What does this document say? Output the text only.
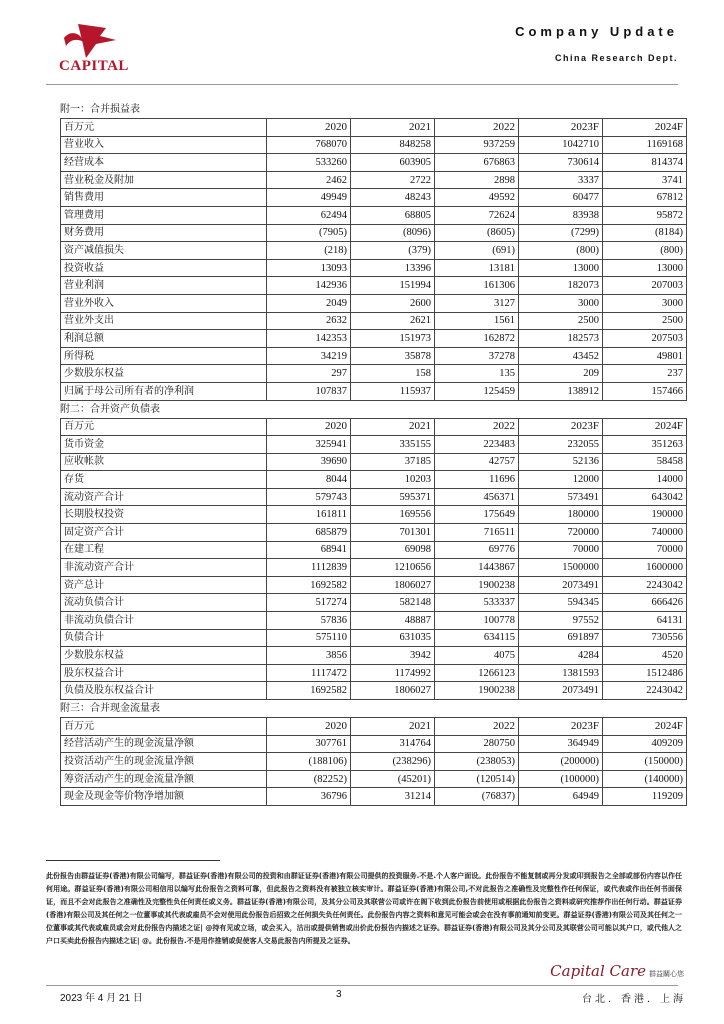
CAPITAL
Company Update
China Research Dept.
附一：合并损益表
百万元	2020	2021	2022	2023F	2024F
营业收入	768070	848258	937259	1042710	1169168
经营成本	533260	603905	676863	730614	814374
营业税金及附加	2462	2722	2898	3337	3741
销售费用	49949	48243	49592	60477	67812
管理费用	62494	68805	72624	83938	95872
财务费用	(7905)	(8096)	(8605)	(7299)	(8184)
资产减值损失	(218)	(379)	(691)	(800)	(800)
投资收益	13093	13396	13181	13000	13000
营业利润	142936	151994	161306	182073	207003
营业外收入	2049	2600	3127	3000	3000
营业外支出	2632	2621	1561	2500	2500
利润总额	142353	151973	162872	182573	207503
所得税	34219	35878	37278	43452	49801
少数股东权益	297	158	135	209	237
归属于母公司所有者的净利润	107837	115937	125459	138912	157466
附二：合并资产负债表
百万元	2020	2021	2022	2023F	2024F
货币资金	325941	335155	223483	232055	351263
应收帐款	39690	37185	42757	52136	58458
存货	8044	10203	11696	12000	14000
流动资产合计	579743	595371	456371	573491	643042
长期股权投资	161811	169556	175649	180000	190000
固定资产合计	685879	701301	716511	720000	740000
在建工程	68941	69098	69776	70000	70000
非流动资产合计	1112839	1210656	1443867	1500000	1600000
资产总计	1692582	1806027	1900238	2073491	2243042
流动负债合计	517274	582148	533337	594345	666426
非流动负债合计	57836	48887	100778	97552	64131
负债合计	575110	631035	634115	691897	730556
少数股东权益	3856	3942	4075	4284	4520
股东权益合计	1117472	1174992	1266123	1381593	1512486
负债及股东权益合计	1692582	1806027	1900238	2073491	2243042
附三：合并现金流量表
百万元	2020	2021	2022	2023F	2024F
经营活动产生的现金流量净额	307761	314764	280750	364949	409209
投资活动产生的现金流量净额	(188106)	(238296)	(238053)	(200000)	(150000)
筹资活动产生的现金流量净额	(82252)	(45201)	(120514)	(100000)	(140000)
现金及现金等价物净增加额	36796	31214	(76837)	64949	119209
此份报告由群益证券(香港)有限公司编写，群益证券(香港)有限公司的投资和由群证证券(香港)有限公司提供的投资服务.不是.个人客户面设。此份报告不能复制或再分发或印到报告之全部或部份内容以作任何用途。群益证券(香港)有限公司相信用以编写此份报告之资料可靠，但此报告之资料没有被独立核实审计。群益证券(香港)有限公司,不对此报告之准确性及完整性作任何保证，或代表或作出任何书面保证，而且不会对此报告之准确性及完整性负任何责任或义务。群益证券(香港)有限公司，及其分公司及其联营公司或许在阁下收到此份报告前使用或根据此份报告之资料或研究推荐作出任何行动。群益证券(香港)有限公司及其任何之一位董事或其代表或雇员不会对使用此份报告后招致之任何损失负任何责任。此份报告内容之资料和意见可能会或会在没有事前通知前变更。群益证券(香港)有限公司及其任何之一位董事或其代表或雇员或会对此份报告内描述之证| @持有见或立场，或会买入，沽出或提供销售或出价此份报告内描述之证券。群益证券(香港)有限公司及其分公司及其联营公司可能以其户口，或代他人之户口买卖此份报告内描述之证| @。此份报告.不是用作推销或促使客人交易此报告内所提及之证券。
Capital Care 群益關心您
2023 年 4 月 21 日	3	台北．香港．上海
